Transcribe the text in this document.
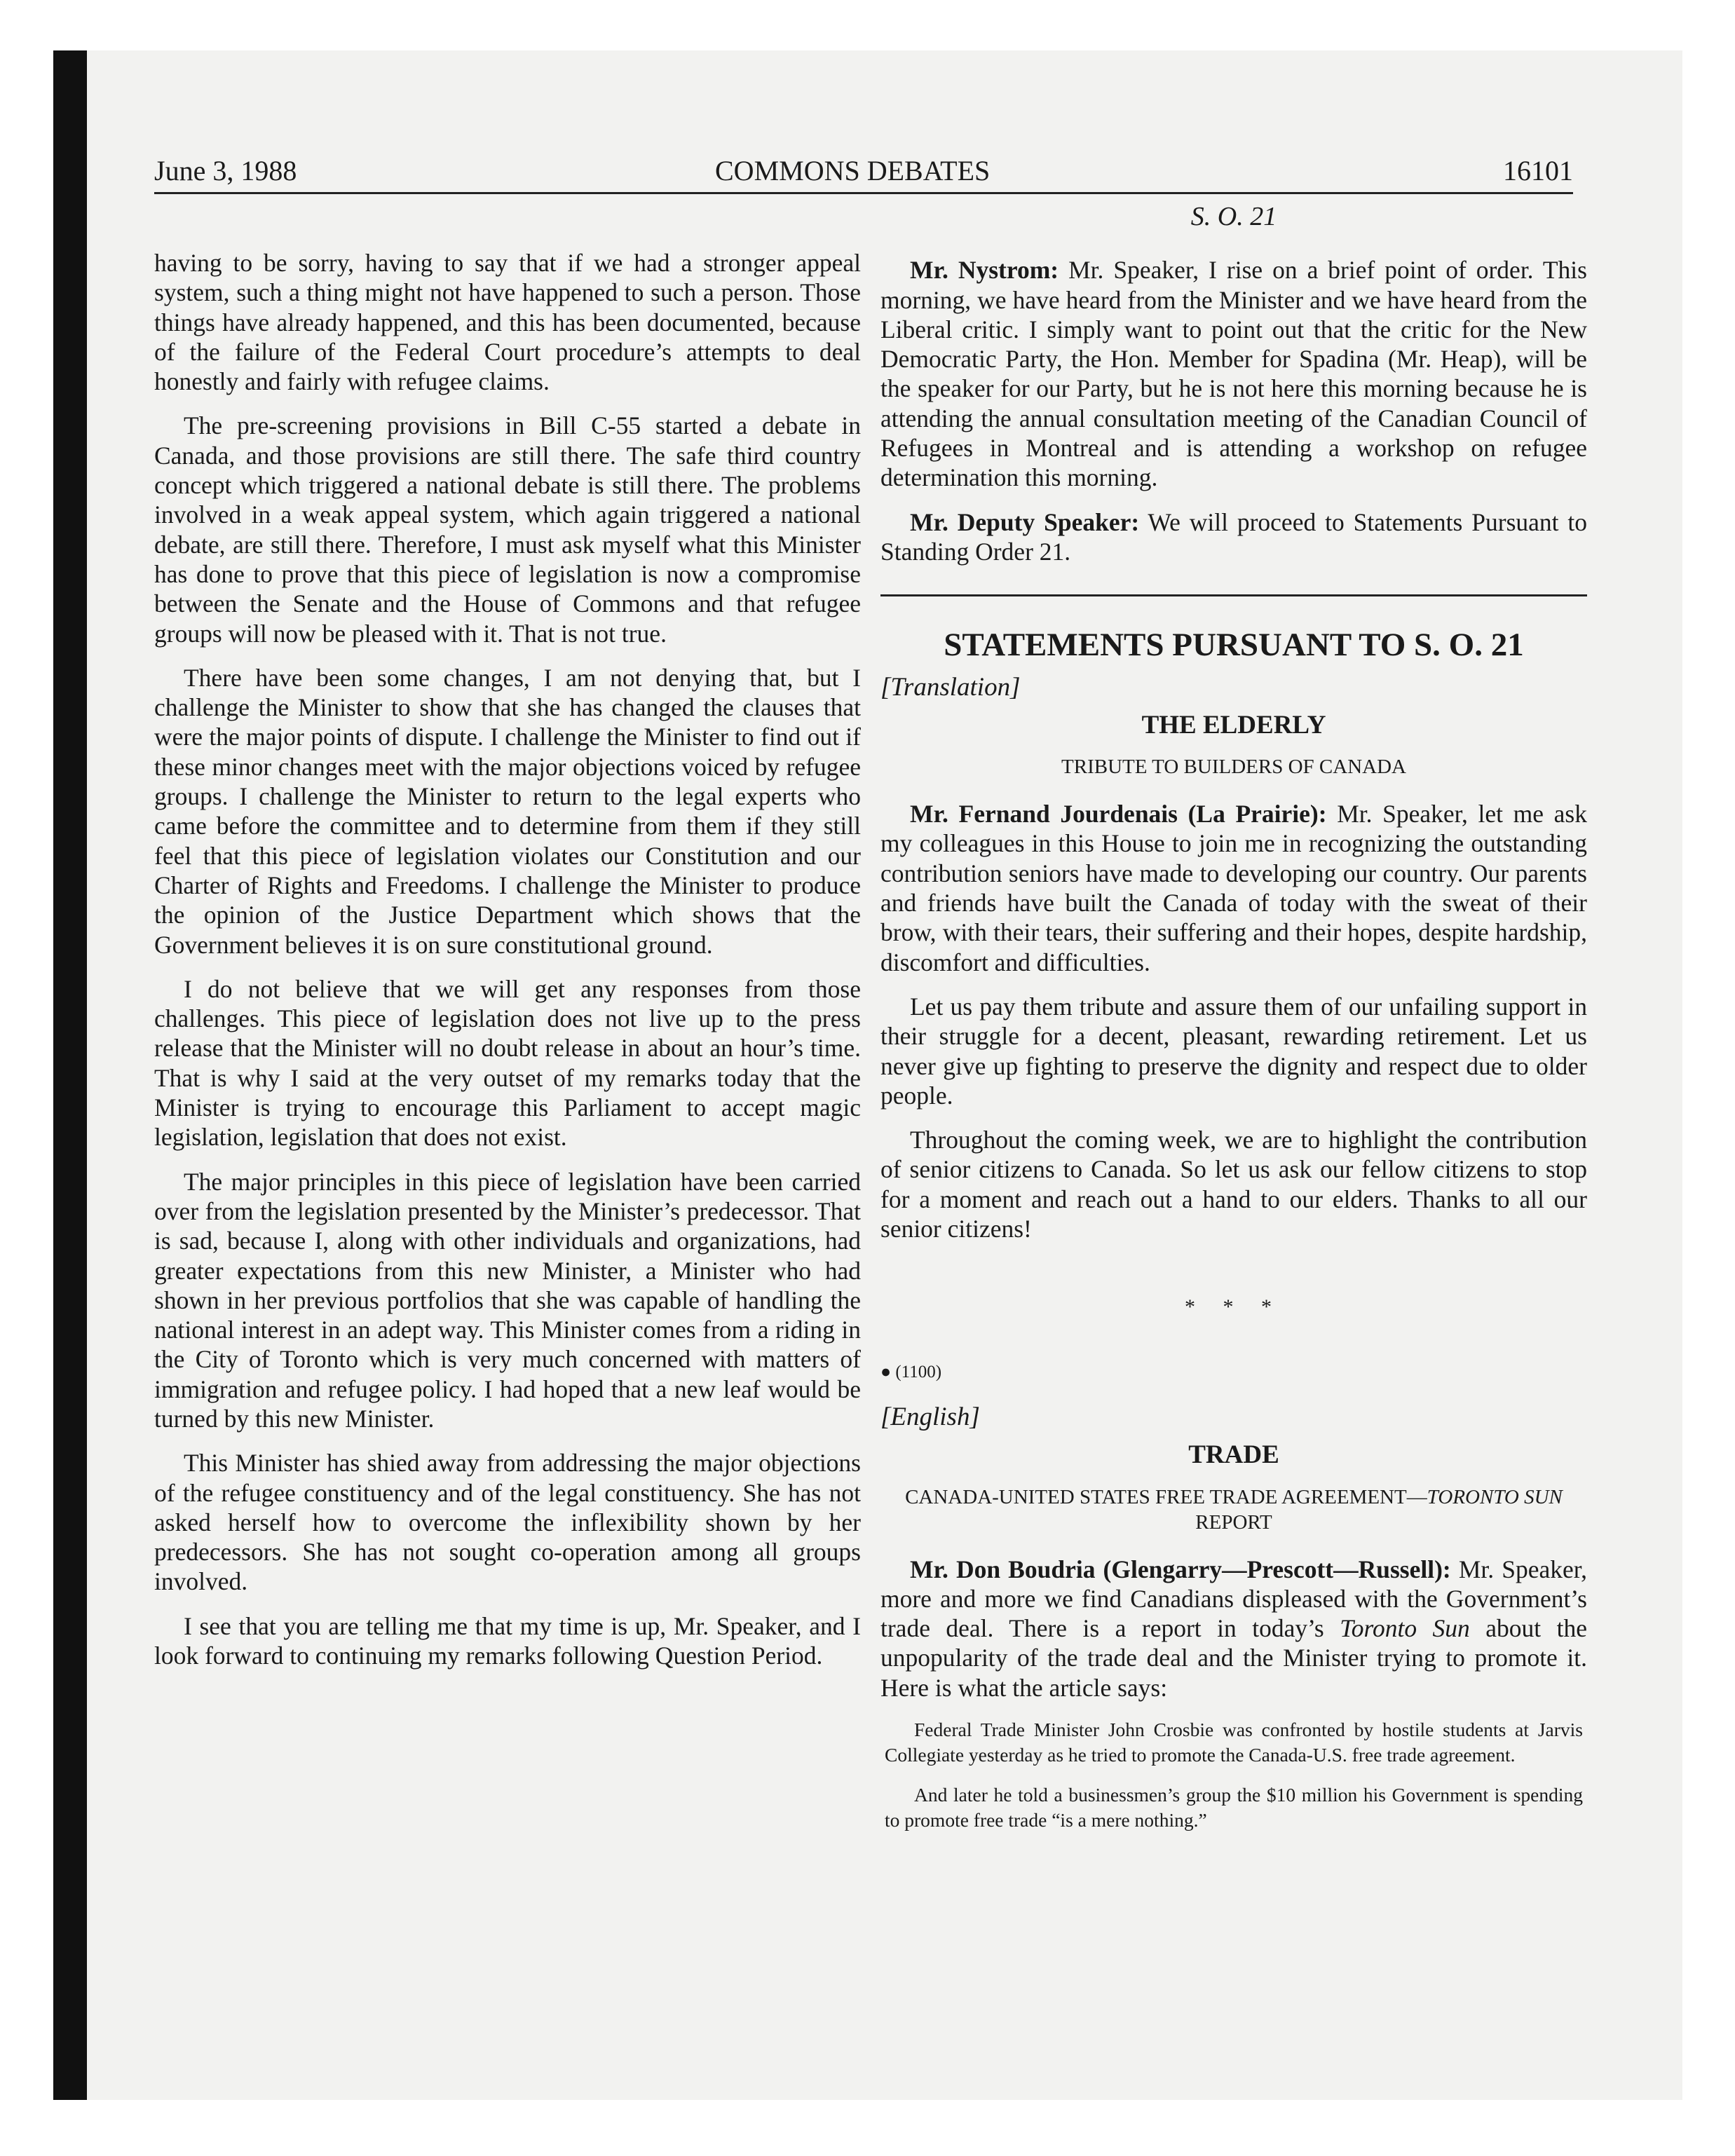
June 3, 1988	COMMONS DEBATES	16101

having to be sorry, having to say that if we had a stronger appeal system, such a thing might not have happened to such a person. Those things have already happened, and this has been documented, because of the failure of the Federal Court procedure’s attempts to deal honestly and fairly with refugee claims.

The pre-screening provisions in Bill C-55 started a debate in Canada, and those provisions are still there. The safe third country concept which triggered a national debate is still there. The problems involved in a weak appeal system, which again triggered a national debate, are still there. Therefore, I must ask myself what this Minister has done to prove that this piece of legislation is now a compromise between the Senate and the House of Commons and that refugee groups will now be pleased with it. That is not true.

There have been some changes, I am not denying that, but I challenge the Minister to show that she has changed the clauses that were the major points of dispute. I challenge the Minister to find out if these minor changes meet with the major objections voiced by refugee groups. I challenge the Minister to return to the legal experts who came before the committee and to determine from them if they still feel that this piece of legislation violates our Constitution and our Charter of Rights and Freedoms. I challenge the Minister to produce the opinion of the Justice Department which shows that the Government believes it is on sure constitutional ground.

I do not believe that we will get any responses from those challenges. This piece of legislation does not live up to the press release that the Minister will no doubt release in about an hour’s time. That is why I said at the very outset of my remarks today that the Minister is trying to encourage this Parliament to accept magic legislation, legislation that does not exist.

The major principles in this piece of legislation have been carried over from the legislation presented by the Minister’s predecessor. That is sad, because I, along with other individuals and organizations, had greater expectations from this new Minister, a Minister who had shown in her previous portfolios that she was capable of handling the national interest in an adept way. This Minister comes from a riding in the City of Toronto which is very much concerned with matters of immigration and refugee policy. I had hoped that a new leaf would be turned by this new Minister.

This Minister has shied away from addressing the major objections of the refugee constituency and of the legal constituency. She has not asked herself how to overcome the inflexibility shown by her predecessors. She has not sought co-operation among all groups involved.

I see that you are telling me that my time is up, Mr. Speaker, and I look forward to continuing my remarks following Question Period.

S. O. 21

Mr. Nystrom: Mr. Speaker, I rise on a brief point of order. This morning, we have heard from the Minister and we have heard from the Liberal critic. I simply want to point out that the critic for the New Democratic Party, the Hon. Member for Spadina (Mr. Heap), will be the speaker for our Party, but he is not here this morning because he is attending the annual consultation meeting of the Canadian Council of Refugees in Montreal and is attending a workshop on refugee determination this morning.

Mr. Deputy Speaker: We will proceed to Statements Pursuant to Standing Order 21.

STATEMENTS PURSUANT TO S. O. 21
[Translation]
THE ELDERLY
TRIBUTE TO BUILDERS OF CANADA

Mr. Fernand Jourdenais (La Prairie): Mr. Speaker, let me ask my colleagues in this House to join me in recognizing the outstanding contribution seniors have made to developing our country. Our parents and friends have built the Canada of today with the sweat of their brow, with their tears, their suffering and their hopes, despite hardship, discomfort and difficulties.

Let us pay them tribute and assure them of our unfailing support in their struggle for a decent, pleasant, rewarding retirement. Let us never give up fighting to preserve the dignity and respect due to older people.

Throughout the coming week, we are to highlight the contribution of senior citizens to Canada. So let us ask our fellow citizens to stop for a moment and reach out a hand to our elders. Thanks to all our senior citizens!

* * *
● (1100)
[English]
TRADE
CANADA-UNITED STATES FREE TRADE AGREEMENT—TORONTO SUN REPORT

Mr. Don Boudria (Glengarry—Prescott—Russell): Mr. Speaker, more and more we find Canadians displeased with the Government’s trade deal. There is a report in today’s Toronto Sun about the unpopularity of the trade deal and the Minister trying to promote it. Here is what the article says:

Federal Trade Minister John Crosbie was confronted by hostile students at Jarvis Collegiate yesterday as he tried to promote the Canada-U.S. free trade agreement.

And later he told a businessmen’s group the $10 million his Government is spending to promote free trade “is a mere nothing.”
